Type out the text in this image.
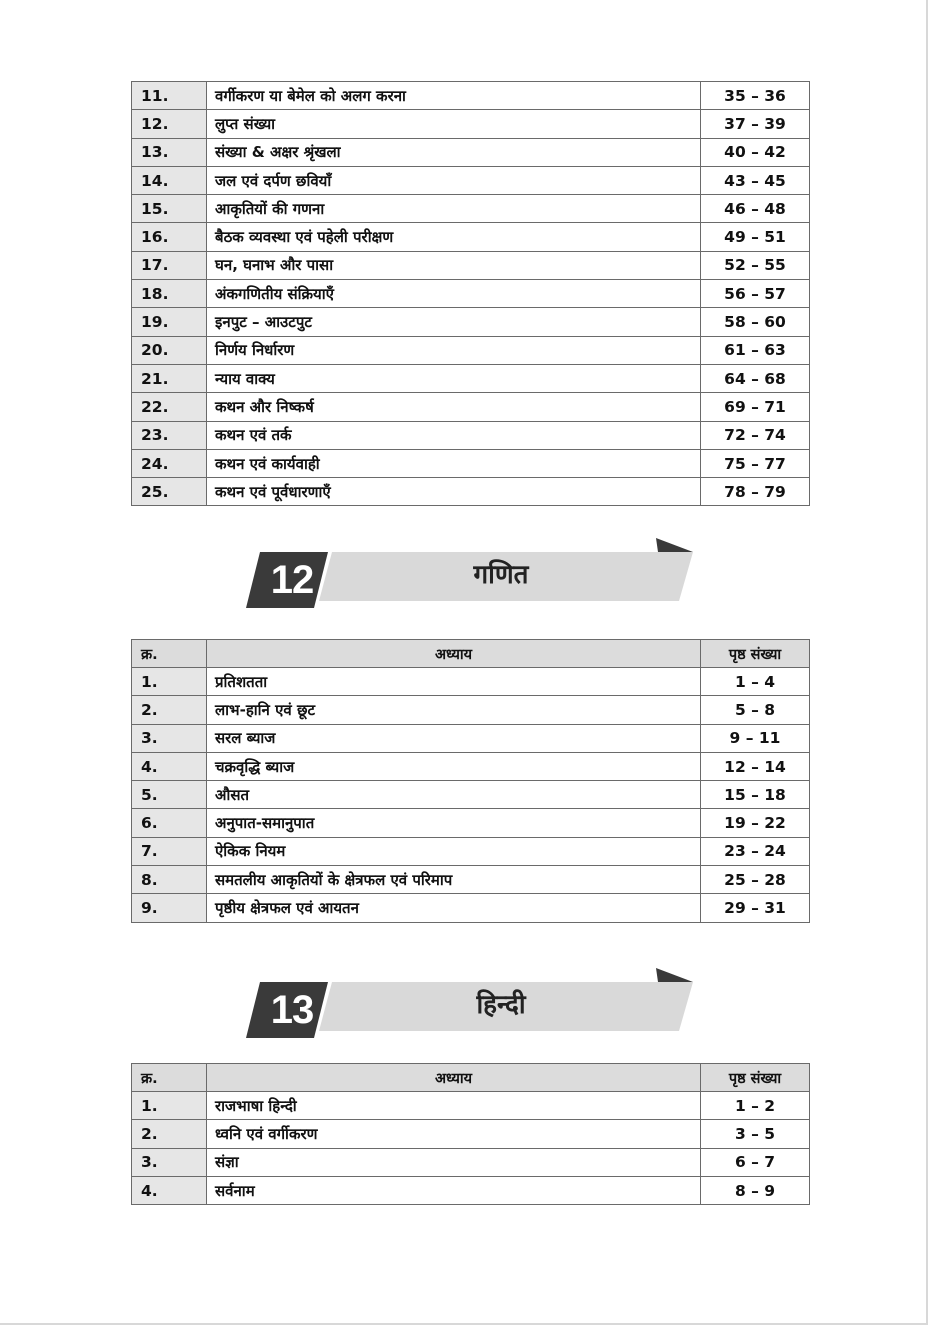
11.	वर्गीकरण या बेमेल को अलग करना	35 – 36
12.	लुप्त संख्या	37 – 39
13.	संख्या & अक्षर श्रृंखला	40 – 42
14.	जल एवं दर्पण छवियाँ	43 – 45
15.	आकृतियों की गणना	46 – 48
16.	बैठक व्यवस्था एवं पहेली परीक्षण	49 – 51
17.	घन, घनाभ और पासा	52 – 55
18.	अंकगणितीय संक्रियाएँ	56 – 57
19.	इनपुट – आउटपुट	58 – 60
20.	निर्णय निर्धारण	61 – 63
21.	न्याय वाक्य	64 – 68
22.	कथन और निष्कर्ष	69 – 71
23.	कथन एवं तर्क	72 – 74
24.	कथन एवं कार्यवाही	75 – 77
25.	कथन एवं पूर्वधारणाएँ	78 – 79
12	गणित
क्र.	अध्याय	पृष्ठ संख्या
1.	प्रतिशतता	1 – 4
2.	लाभ-हानि एवं छूट	5 – 8
3.	सरल ब्याज	9 – 11
4.	चक्रवृद्धि ब्याज	12 – 14
5.	औसत	15 – 18
6.	अनुपात-समानुपात	19 – 22
7.	ऐकिक नियम	23 – 24
8.	समतलीय आकृतियों के क्षेत्रफल एवं परिमाप	25 – 28
9.	पृष्ठीय क्षेत्रफल एवं आयतन	29 – 31
13	हिन्दी
क्र.	अध्याय	पृष्ठ संख्या
1.	राजभाषा हिन्दी	1 – 2
2.	ध्वनि एवं वर्गीकरण	3 – 5
3.	संज्ञा	6 – 7
4.	सर्वनाम	8 – 9
